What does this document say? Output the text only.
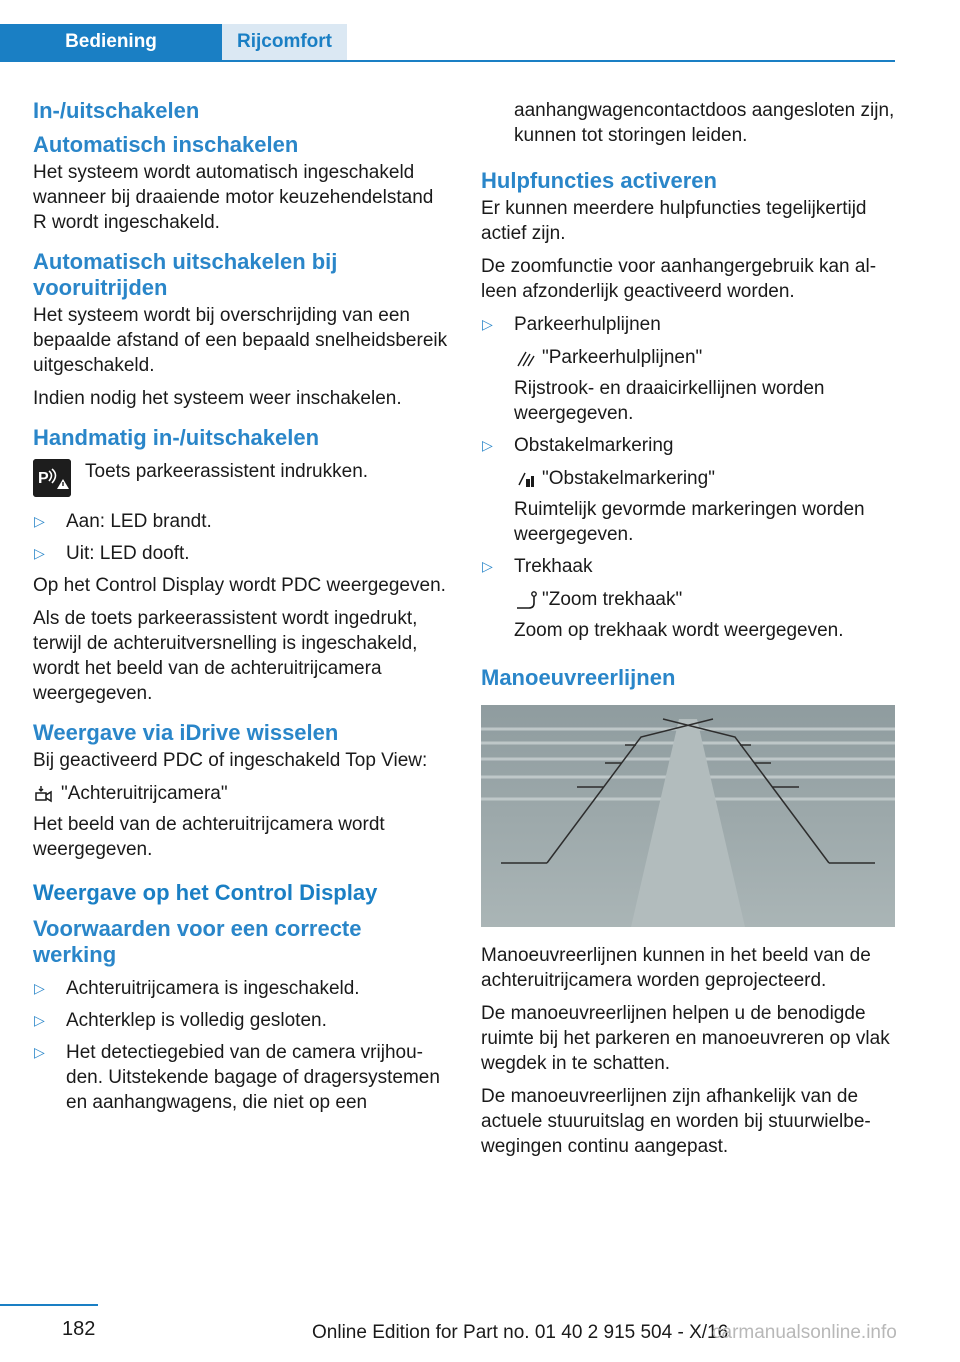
Bediening	Rijcomfort
In-/uitschakelen
Automatisch inschakelen

Het systeem wordt automatisch ingeschakeld wanneer bij draaiende motor keuzehendelstand R wordt ingeschakeld.

Automatisch uitschakelen bij vooruitrijden

Het systeem wordt bij overschrijding van een bepaalde afstand of een bepaald snelheidsbereik uitgeschakeld.

Indien nodig het systeem weer inschakelen.

Handmatig in-/uitschakelen
P Toets parkeerassistent indrukken.
▷ Aan: LED brandt.
▷ Uit: LED dooft.

Op het Control Display wordt PDC weergegeven.

Als de toets parkeerassistent wordt ingedrukt, terwijl de achteruitversnelling is ingeschakeld, wordt het beeld van de achteruitrijcamera weergegeven.

Weergave via iDrive wisselen

Bij geactiveerd PDC of ingeschakeld Top View:

"Achteruitrijcamera"

Het beeld van de achteruitrijcamera wordt weergegeven.

Weergave op het Control Display
Voorwaarden voor een correcte werking
▷ Achteruitrijcamera is ingeschakeld.
▷ Achterklep is volledig gesloten.
▷ Het detectiegebied van de camera vrijhouden. Uitstekende bagage of dragersystemen en aanhangwagens, die niet op een

aanhangwagencontactdoos aangesloten zijn, kunnen tot storingen leiden.

Hulpfuncties activeren

Er kunnen meerdere hulpfuncties tegelijkertijd actief zijn.

De zoomfunctie voor aanhangergebruik kan alleen afzonderlijk geactiveerd worden.

▷ Parkeerhulplijnen
"Parkeerhulplijnen"
Rijstrook- en draaicirkellijnen worden weergegeven.
▷ Obstakelmarkering
"Obstakelmarkering"
Ruimtelijk gevormde markeringen worden weergegeven.
▷ Trekhaak
"Zoom trekhaak"
Zoom op trekhaak wordt weergegeven.
Manoeuvreerlijnen

Manoeuvreerlijnen kunnen in het beeld van de achteruitrijcamera worden geprojecteerd.

De manoeuvreerlijnen helpen u de benodigde ruimte bij het parkeren en manoeuvreren op vlak wegdek in te schatten.

De manoeuvreerlijnen zijn afhankelijk van de actuele stuuruitslag en worden bij stuurwielbewegingen continu aangepast.

182	Online Edition for Part no. 01 40 2 915 504 - X/16
carmanualsonline.info
